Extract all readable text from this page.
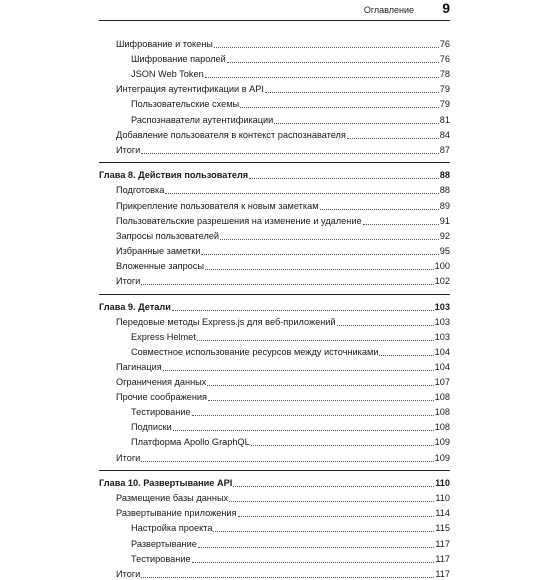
Оглавление 9
Шифрование и токены	76
Шифрование паролей	76
JSON Web Token	78
Интеграция аутентификации в API	79
Пользовательские схемы	79
Распознаватели аутентификации	81
Добавление пользователя в контекст распознавателя	84
Итоги	87
Глава 8. Действия пользователя	88
Подготовка	88
Прикрепление пользователя к новым заметкам	89
Пользовательские разрешения на изменение и удаление	91
Запросы пользователей	92
Избранные заметки	95
Вложенные запросы	100
Итоги	102
Глава 9. Детали	103
Передовые методы Express.js для веб-приложений	103
Express Helmet	103
Совместное использование ресурсов между источниками	104
Пагинация	104
Ограничения данных	107
Прочие соображения	108
Тестирование	108
Подписки	108
Платформа Apollo GraphQL	109
Итоги	109
Глава 10. Развертывание API	110
Размещение базы данных	110
Развертывание приложения	114
Настройка проекта	115
Развертывание	117
Тестирование	117
Итоги	117
